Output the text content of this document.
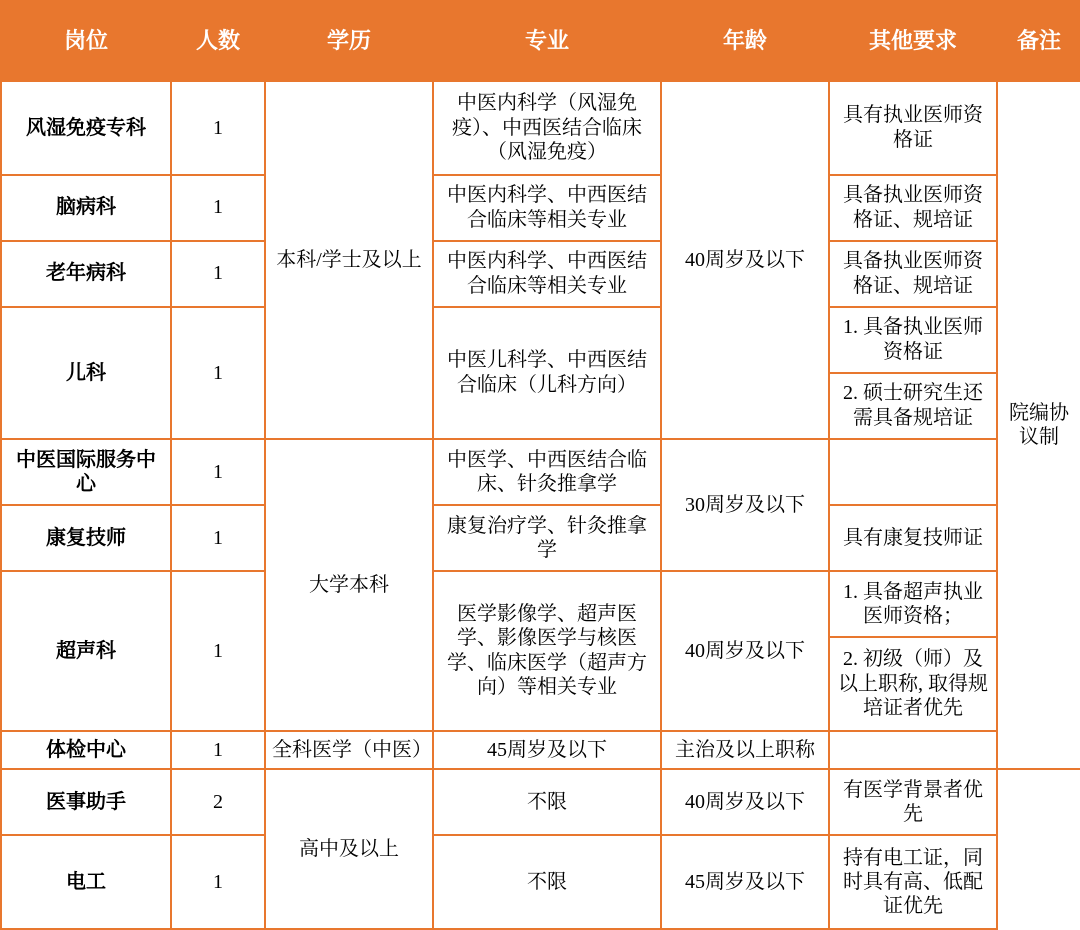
岗位	人数	学历	专业	年龄	其他要求	备注
风湿免疫专科	1	本科/学士及以上	中医内科学（风湿免疫）、中西医结合临床（风湿免疫）	40周岁及以下	具有执业医师资格证	院编协议制
脑病科	1		中医内科学、中西医结合临床等相关专业		具备执业医师资格证、规培证	
老年病科	1		中医内科学、中西医结合临床等相关专业		具备执业医师资格证、规培证	
儿科	1		中医儿科学、中西医结合临床（儿科方向）		1. 具备执业医师资格证	
					2. 硕士研究生还需具备规培证	
中医国际服务中心	1	大学本科	中医学、中西医结合临床、针灸推拿学	30周岁及以下		
康复技师	1		康复治疗学、针灸推拿学		具有康复技师证	
超声科	1		医学影像学、超声医学、影像医学与核医学、临床医学（超声方向）等相关专业	40周岁及以下	1. 具备超声执业医师资格；	
					2. 初级（师）及以上职称, 取得规培证者优先	
体检中心	1	全科医学（中医）	45周岁及以下	主治及以上职称		
医事助手	2	高中及以上	不限	40周岁及以下	有医学背景者优先	
电工	1		不限	45周岁及以下	持有电工证，同时具有高、低配证优先	
